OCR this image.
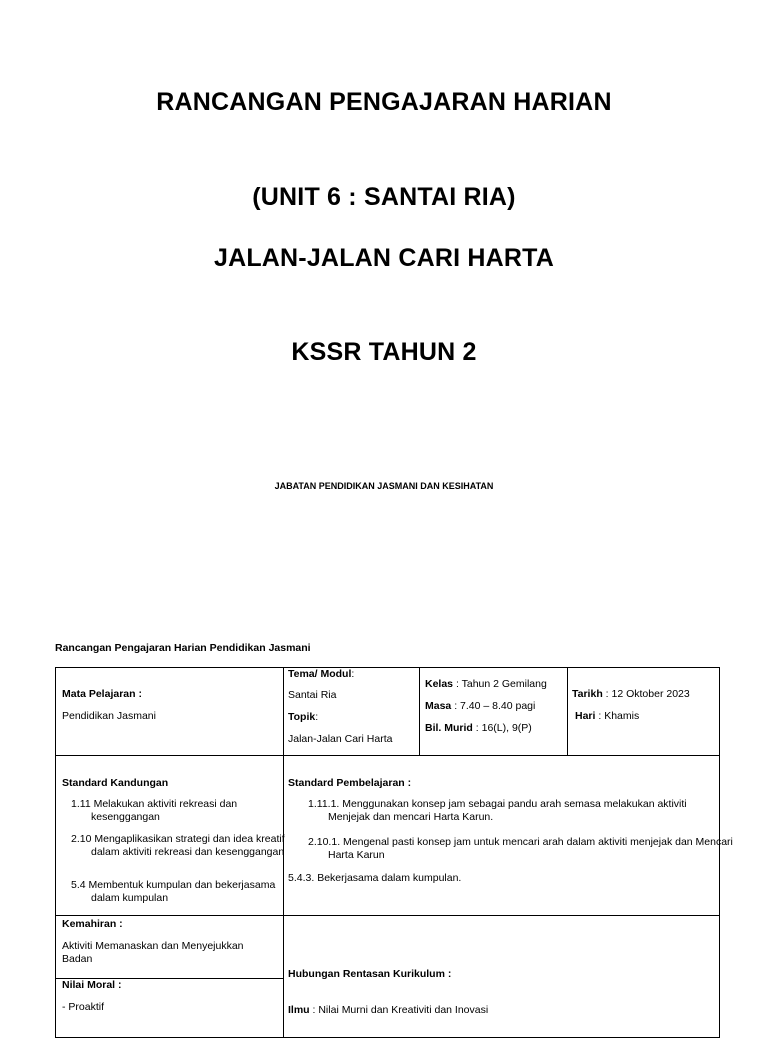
RANCANGAN PENGAJARAN HARIAN
(UNIT 6 : SANTAI RIA)
JALAN-JALAN CARI HARTA
KSSR TAHUN 2

JABATAN PENDIDIKAN JASMANI DAN KESIHATAN

Rancangan Pengajaran Harian Pendidikan Jasmani

Mata Pelajaran :
Pendidikan Jasmani
Tema/ Modul:
Santai Ria
Topik:
Jalan-Jalan Cari Harta
Kelas : Tahun 2 Gemilang
Masa : 7.40 – 8.40 pagi
Bil. Murid : 16(L), 9(P)
Tarikh : 12 Oktober 2023
Hari : Khamis
Standard Kandungan
1.11 Melakukan aktiviti rekreasi dan kesenggangan
2.10 Mengaplikasikan strategi dan idea kreatif dalam aktiviti rekreasi dan kesenggangan
5.4 Membentuk kumpulan dan bekerjasama dalam kumpulan
Standard Pembelajaran :
1.11.1. Menggunakan konsep jam sebagai pandu arah semasa melakukan aktiviti Menjejak dan mencari Harta Karun.
2.10.1. Mengenal pasti konsep jam untuk mencari arah dalam aktiviti menjejak dan Mencari Harta Karun
5.4.3. Bekerjasama dalam kumpulan.
Kemahiran :
Aktiviti Memanaskan dan Menyejukkan Badan
Nilai Moral :
- Proaktif
Hubungan Rentasan Kurikulum :
Ilmu : Nilai Murni dan Kreativiti dan Inovasi
